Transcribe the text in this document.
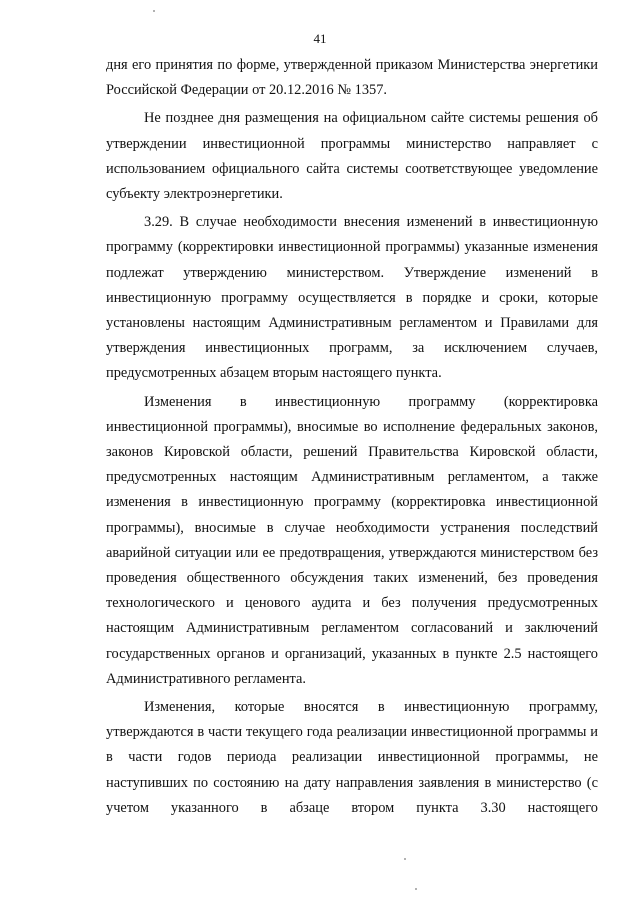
41

дня его принятия по форме, утвержденной приказом Министерства энергетики Российской Федерации от 20.12.2016 № 1357.

Не позднее дня размещения на официальном сайте системы решения об утверждении инвестиционной программы министерство направляет с использованием официального сайта системы соответствующее уведомление субъекту электроэнергетики.

3.29. В случае необходимости внесения изменений в инвестиционную программу (корректировки инвестиционной программы) указанные изменения подлежат утверждению министерством. Утверждение изменений в инвестиционную программу осуществляется в порядке и сроки, которые установлены настоящим Административным регламентом и Правилами для утверждения инвестиционных программ, за исключением случаев, предусмотренных абзацем вторым настоящего пункта.

Изменения в инвестиционную программу (корректировка инвестиционной программы), вносимые во исполнение федеральных законов, законов Кировской области, решений Правительства Кировской области, предусмотренных настоящим Административным регламентом, а также изменения в инвестиционную программу (корректировка инвестиционной программы), вносимые в случае необходимости устранения последствий аварийной ситуации или ее предотвращения, утверждаются министерством без проведения общественного обсуждения таких изменений, без проведения технологического и ценового аудита и без получения предусмотренных настоящим Административным регламентом согласований и заключений государственных органов и организаций, указанных в пункте 2.5 настоящего Административного регламента.

Изменения, которые вносятся в инвестиционную программу, утверждаются в части текущего года реализации инвестиционной программы и в части годов периода реализации инвестиционной программы, не наступивших по состоянию на дату направления заявления в министерство (с учетом указанного в абзаце втором пункта 3.30 настоящего
